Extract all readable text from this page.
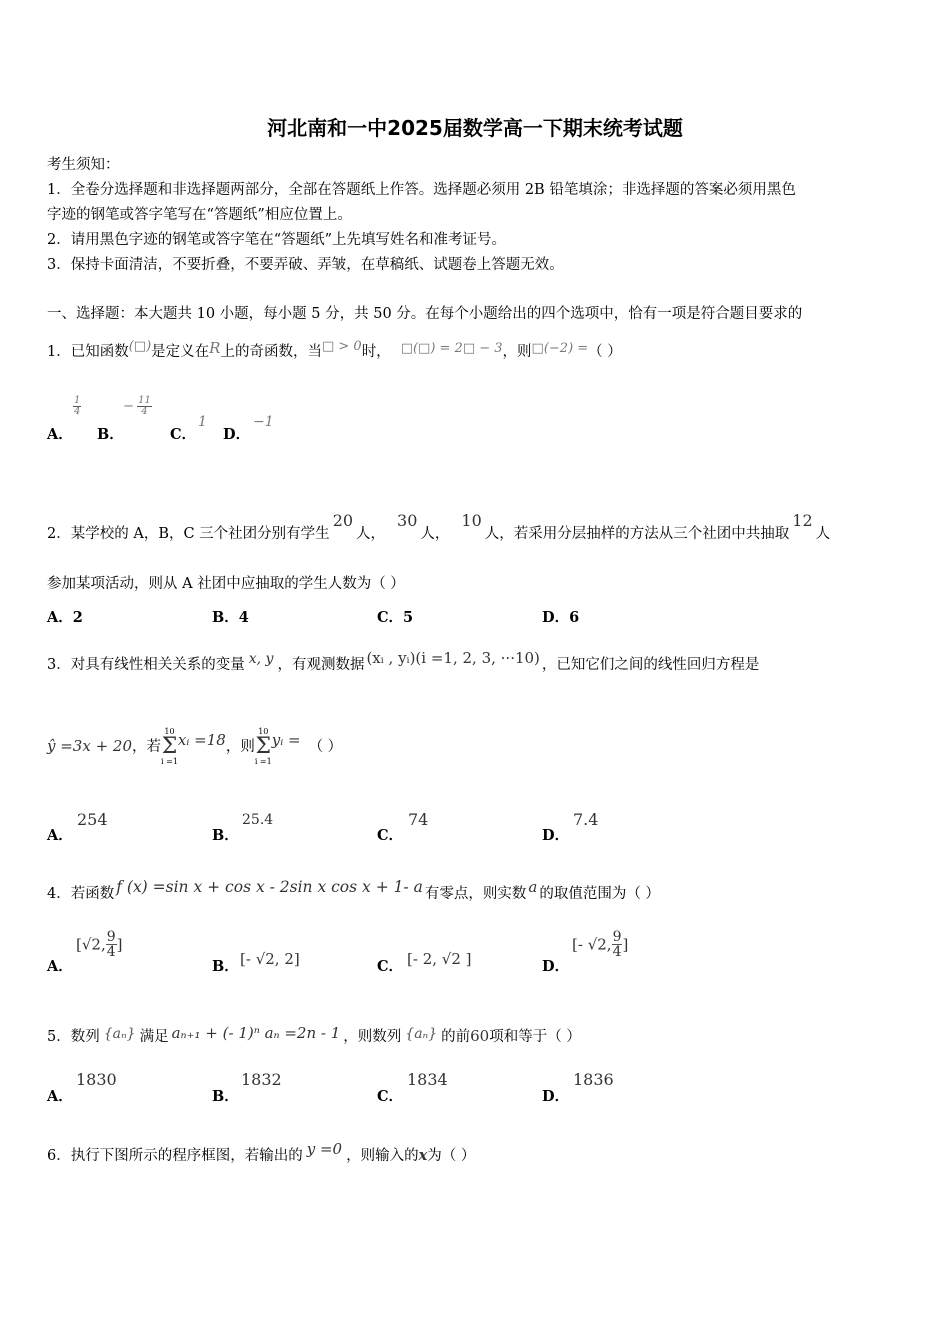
河北南和一中2025届数学高一下期末统考试题
考生须知：
1．全卷分选择题和非选择题两部分，全部在答题纸上作答。选择题必须用 2B 铅笔填涂；非选择题的答案必须用黑色
字迹的钢笔或答字笔写在“答题纸”相应位置上。
2．请用黑色字迹的钢笔或答字笔在“答题纸”上先填写姓名和准考证号。
3．保持卡面清洁，不要折叠，不要弄破、弄皱，在草稿纸、试题卷上答题无效。
一、选择题：本大题共 10 小题，每小题 5 分，共 50 分。在每个小题给出的四个选项中，恰有一项是符合题目要求的
1．已知函数(□)是定义在R上的奇函数，当□ > 0时， □(□) = 2□ − 3，则□(−2) =（ ）
A．
$\frac{1}{4}$
B．
− $\frac{11}{4}$
C．
1
D．
−1
2．某学校的 A，B，C 三个社团分别有学生20人，30人，10人，若采用分层抽样的方法从三个社团中共抽取12人
参加某项活动，则从 A 社团中应抽取的学生人数为（ ）
A．2	B．4	C．5	D．6
3．对具有线性相关关系的变量 x, y ，有观测数据 (xᵢ , yᵢ)(i =1, 2, 3, ···10) ，已知它们之间的线性回归方程是
ŷ =3x + 20，若
10
Σ
i =1
xᵢ =18，则
10
Σ
i =1
yᵢ = （ ）
A．
254
B．
25.4
C．
74
D．
7.4
4．若函数 f (x) =sin x + cos x - 2sin x cos x + 1- a 有零点，则实数 a 的取值范围为（ ）
A．
[√2, $\frac{9}{4}$ ]
B． [- √2, 2]	C． [- 2, √2 ]	D．
[- √2, $\frac{9}{4}$ ]
5．数列 {aₙ} 满足 aₙ₊₁ + (- 1)ⁿ aₙ =2n - 1 ，则数列 {aₙ} 的前60项和等于（ ）
A．
1830
B．
1832
C．
1834
D．
1836
6．执行下图所示的程序框图，若输出的 y =0 ，则输入的x为（ ）
